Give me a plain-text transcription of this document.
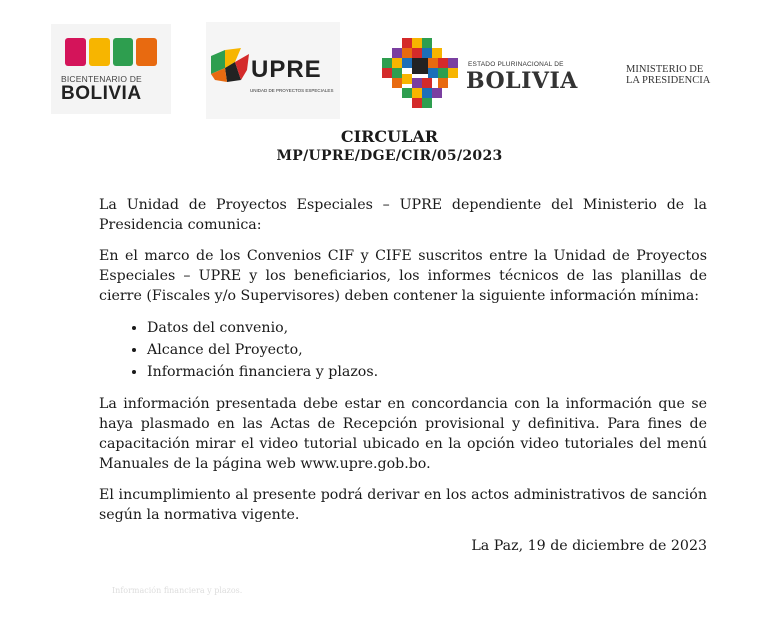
BICENTENARIO DE
BOLIVIA
UPRE
UNIDAD DE PROYECTOS ESPECIALES
ESTADO PLURINACIONAL DE
BOLIVIA	MINISTERIO DE
LA PRESIDENCIA
CIRCULAR
MP/UPRE/DGE/CIR/05/2023

La Unidad de Proyectos Especiales – UPRE dependiente del Ministerio de la Presidencia comunica:

En el marco de los Convenios CIF y CIFE suscritos entre la Unidad de Proyectos Especiales – UPRE y los beneficiarios, los informes técnicos de las planillas de cierre (Fiscales y/o Supervisores) deben contener la siguiente información mínima:

• Datos del convenio,
• Alcance del Proyecto,
• Información financiera y plazos.

La información presentada debe estar en concordancia con la información que se haya plasmado en las Actas de Recepción provisional y definitiva. Para fines de capacitación mirar el video tutorial ubicado en la opción video tutoriales del menú Manuales de la página web www.upre.gob.bo.

El incumplimiento al presente podrá derivar en los actos administrativos de sanción según la normativa vigente.

La Paz, 19 de diciembre de 2023

Información financiera y plazos.
